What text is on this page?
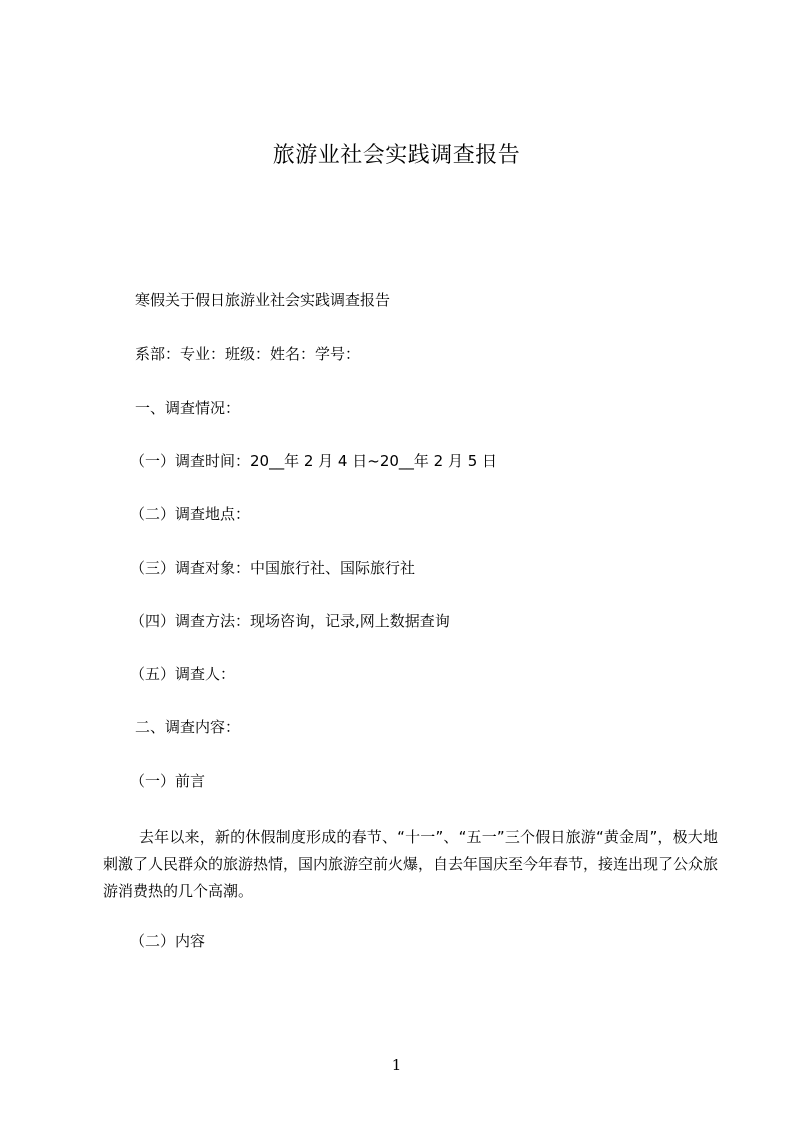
旅游业社会实践调查报告
寒假关于假日旅游业社会实践调查报告
系部：专业：班级：姓名：学号：
一、调查情况：
（一）调查时间：20__年 2 月 4 日~20__年 2 月 5 日
（二）调查地点：
（三）调查对象：中国旅行社、国际旅行社
（四）调查方法：现场咨询，记录,网上数据查询
（五）调查人：
二、调查内容：
（一）前言
去年以来，新的休假制度形成的春节、“十一”、“五一”三个假日旅游“黄金周”，极大地刺激了人民群众的旅游热情，国内旅游空前火爆，自去年国庆至今年春节，接连出现了公众旅游消费热的几个高潮。
（二）内容
1
